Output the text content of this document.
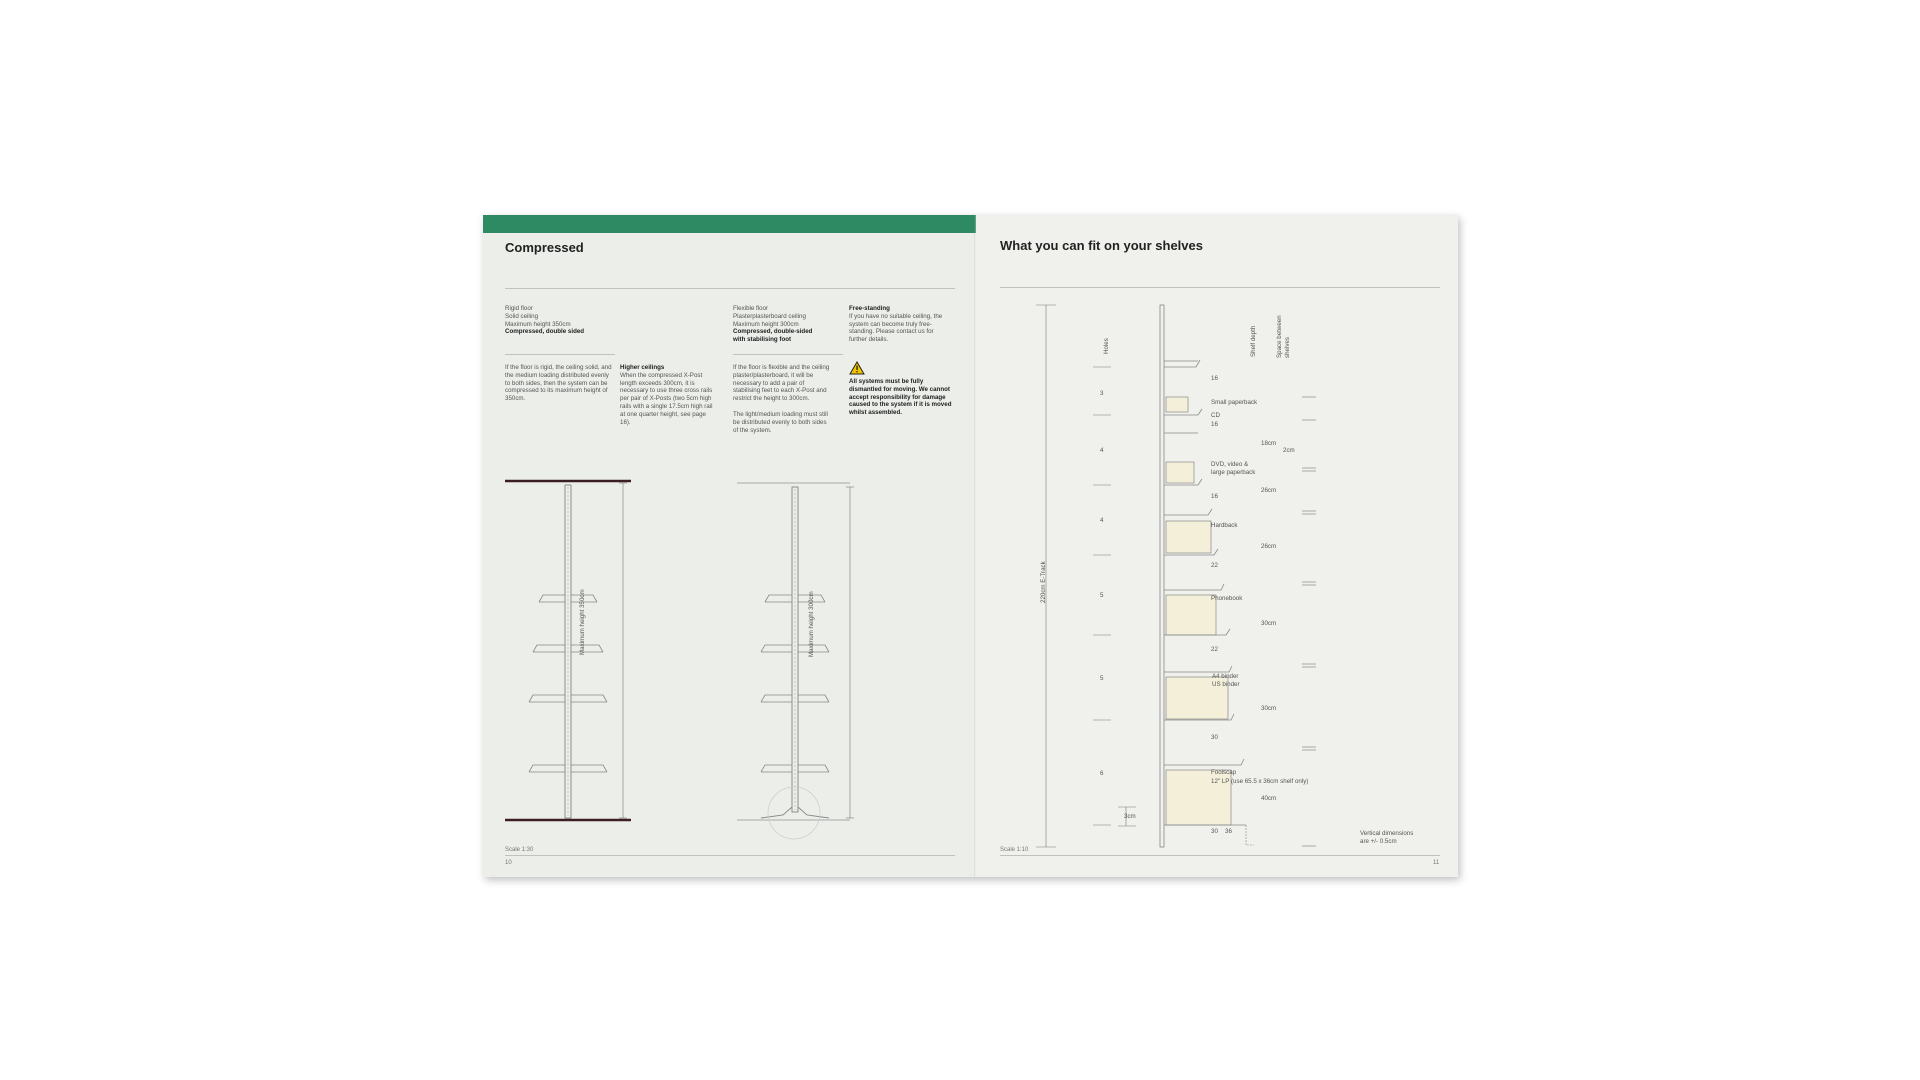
Compressed
Rigid floor
Solid ceiling
Maximum height 350cm
Compressed, double sided
If the floor is rigid, the ceiling solid, and the medium loading distributed evenly to both sides, then the system can be compressed to its maximum height of 350cm.
Higher ceilings
When the compressed X-Post length exceeds 300cm, it is necessary to use three cross rails per pair of X-Posts (two 5cm high rails with a single 17.5cm high rail at one quarter height, see page 16).
Flexible floor
Plasterplasterboard ceiling
Maximum height 300cm
Compressed, double-sided with stabilising foot
If the floor is flexible and the ceiling plaster/plasterboard, it will be necessary to add a pair of stabilising feet to each X-Post and restrict the height to 300cm.
The light/medium loading must still be distributed evenly to both sides of the system.
Free-standing
If you have no suitable ceiling, the system can become truly free-standing. Please contact us for further details.
All systems must be fully dismantled for moving. We cannot accept responsibility for damage caused to the system if it is moved whilst assembled.
Maximum height 350cm	Maximum height 300cm
Scale 1:30
10
What you can fit on your shelves
Holes	Shelf depth	Space between shelves
220cm E-Track
3
4
4
5
5
6
16
Small paperback
CD
16
DVD, video & large paperback
16
Hardback
22
Phonebook
22
A4 binder
US binder
30
Foolscap
12" LP (use 65.5 x 36cm shelf only)
18cm
2cm
26cm
26cm
30cm
30cm
40cm
3cm
30 36	Vertical dimensions are +/- 0.5cm
Scale 1:10
11
